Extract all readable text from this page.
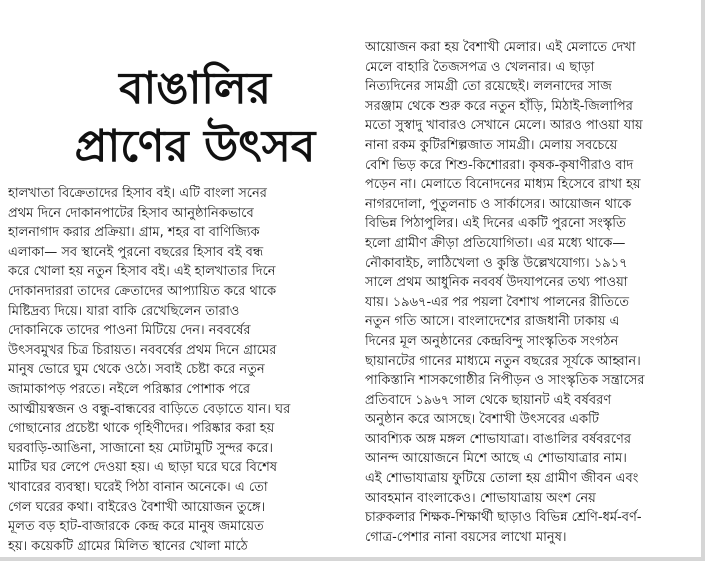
বাঙালির
প্রাণের উৎসব
হালখাতা বিক্রেতাদের হিসাব বই। এটি বাংলা সনের
প্রথম দিনে দোকানপাটের হিসাব আনুষ্ঠানিকভাবে
হালনাগাদ করার প্রক্রিয়া। গ্রাম, শহর বা বাণিজ্যিক
এলাকা— সব স্থানেই পুরনো বছরের হিসাব বই বন্ধ
করে খোলা হয় নতুন হিসাব বই। এই হালখাতার দিনে
দোকানদাররা তাদের ক্রেতাদের আপ্যায়িত করে থাকে
মিষ্টিদ্রব্য দিয়ে। যারা বাকি রেখেছিলেন তারাও
দোকানিকে তাদের পাওনা মিটিয়ে দেন। নববর্ষের
উৎসবমুখর চিত্র চিরায়ত। নববর্ষের প্রথম দিনে গ্রামের
মানুষ ভোরে ঘুম থেকে ওঠে। সবাই চেষ্টা করে নতুন
জামাকাপড় পরতে। নইলে পরিষ্কার পোশাক পরে
আত্মীয়স্বজন ও বন্ধু-বান্ধবের বাড়িতে বেড়াতে যান। ঘর
গোছানোর প্রচেষ্টা থাকে গৃহিণীদের। পরিষ্কার করা হয়
ঘরবাড়ি-আঙিনা, সাজানো হয় মোটামুটি সুন্দর করে।
মাটির ঘর লেপে দেওয়া হয়। এ ছাড়া ঘরে ঘরে বিশেষ
খাবারের ব্যবস্থা। ঘরেই পিঠা বানান অনেকে। এ তো
গেল ঘরের কথা। বাইরেও বৈশাখী আয়োজন তুঙ্গে।
মূলত বড় হাট-বাজারকে কেন্দ্র করে মানুষ জমায়েত
হয়। কয়েকটি গ্রামের মিলিত স্থানের খোলা মাঠে
আয়োজন করা হয় বৈশাখী মেলার। এই মেলাতে দেখা
মেলে বাহারি তৈজসপত্র ও খেলনার। এ ছাড়া
নিত্যদিনের সামগ্রী তো রয়েছেই। ললনাদের সাজ
সরঞ্জাম থেকে শুরু করে নতুন হাঁড়ি, মিঠাই-জিলাপির
মতো সুস্বাদু খাবারও সেখানে মেলে। আরও পাওয়া যায়
নানা রকম কুটিরশিল্পজাত সামগ্রী। মেলায় সবচেয়ে
বেশি ভিড় করে শিশু-কিশোররা। কৃষক-কৃষাণীরাও বাদ
পড়েন না। মেলাতে বিনোদনের মাধ্যম হিসেবে রাখা হয়
নাগরদোলা, পুতুলনাচ ও সার্কাসের। আয়োজন থাকে
বিভিন্ন পিঠাপুলির। এই দিনের একটি পুরনো সংস্কৃতি
হলো গ্রামীণ ক্রীড়া প্রতিযোগিতা। এর মধ্যে থাকে—
নৌকাবাইচ, লাঠিখেলা ও কুস্তি উল্লেখযোগ্য। ১৯১৭
সালে প্রথম আধুনিক নববর্ষ উদযাপনের তথ্য পাওয়া
যায়। ১৯৬৭-এর পর পয়লা বৈশাখ পালনের রীতিতে
নতুন গতি আসে। বাংলাদেশের রাজধানী ঢাকায় এ
দিনের মূল অনুষ্ঠানের কেন্দ্রবিন্দু সাংস্কৃতিক সংগঠন
ছায়ানটের গানের মাধ্যমে নতুন বছরের সূর্যকে আহ্বান।
পাকিস্তানি শাসকগোষ্ঠীর নিপীড়ন ও সাংস্কৃতিক সন্ত্রাসের
প্রতিবাদে ১৯৬৭ সাল থেকে ছায়ানট এই বর্ষবরণ
অনুষ্ঠান করে আসছে। বৈশাখী উৎসবের একটি
আবশ্যিক অঙ্গ মঙ্গল শোভাযাত্রা। বাঙালির বর্ষবরণের
আনন্দ আয়োজনে মিশে আছে এ শোভাযাত্রার নাম।
এই শোভাযাত্রায় ফুটিয়ে তোলা হয় গ্রামীণ জীবন এবং
আবহমান বাংলাকেও। শোভাযাত্রায় অংশ নেয়
চারুকলার শিক্ষক-শিক্ষার্থী ছাড়াও বিভিন্ন শ্রেণি-ধর্ম-বর্ণ-
গোত্র-পেশার নানা বয়সের লাখো মানুষ।
